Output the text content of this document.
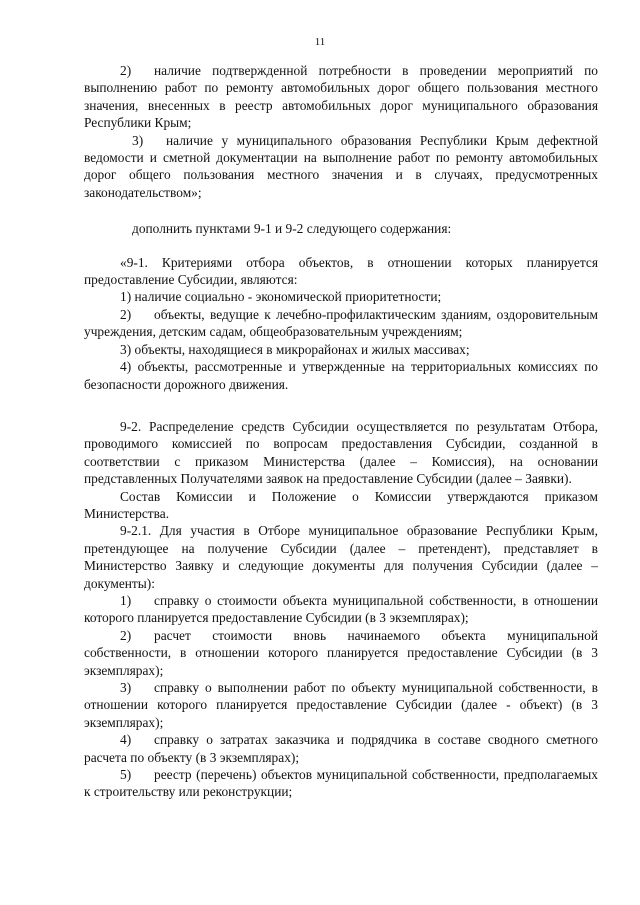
11

2) наличие подтвержденной потребности в проведении мероприятий по выполнению работ по ремонту автомобильных дорог общего пользования местного значения, внесенных в реестр автомобильных дорог муниципального образования Республики Крым;

3) наличие у муниципального образования Республики Крым дефектной ведомости и сметной документации на выполнение работ по ремонту автомобильных дорог общего пользования местного значения и в случаях, предусмотренных законодательством»;

дополнить пунктами 9-1 и 9-2 следующего содержания:

«9-1. Критериями отбора объектов, в отношении которых планируется предоставление Субсидии, являются:

1) наличие социально - экономической приоритетности;

2) объекты, ведущие к лечебно-профилактическим зданиям, оздоровительным учреждения, детским садам, общеобразовательным учреждениям;

3) объекты, находящиеся в микрорайонах и жилых массивах;

4) объекты, рассмотренные и утвержденные на территориальных комиссиях по безопасности дорожного движения.

9-2. Распределение средств Субсидии осуществляется по результатам Отбора, проводимого комиссией по вопросам предоставления Субсидии, созданной в соответствии с приказом Министерства (далее – Комиссия), на основании представленных Получателями заявок на предоставление Субсидии (далее – Заявки).

Состав Комиссии и Положение о Комиссии утверждаются приказом Министерства.

9-2.1. Для участия в Отборе муниципальное образование Республики Крым, претендующее на получение Субсидии (далее – претендент), представляет в Министерство Заявку и следующие документы для получения Субсидии (далее – документы):

1) справку о стоимости объекта муниципальной собственности, в отношении которого планируется предоставление Субсидии (в 3 экземплярах);

2) расчет стоимости вновь начинаемого объекта муниципальной собственности, в отношении которого планируется предоставление Субсидии (в 3 экземплярах);

3) справку о выполнении работ по объекту муниципальной собственности, в отношении которого планируется предоставление Субсидии (далее - объект) (в 3 экземплярах);

4) справку о затратах заказчика и подрядчика в составе сводного сметного расчета по объекту (в 3 экземплярах);

5) реестр (перечень) объектов муниципальной собственности, предполагаемых к строительству или реконструкции;
